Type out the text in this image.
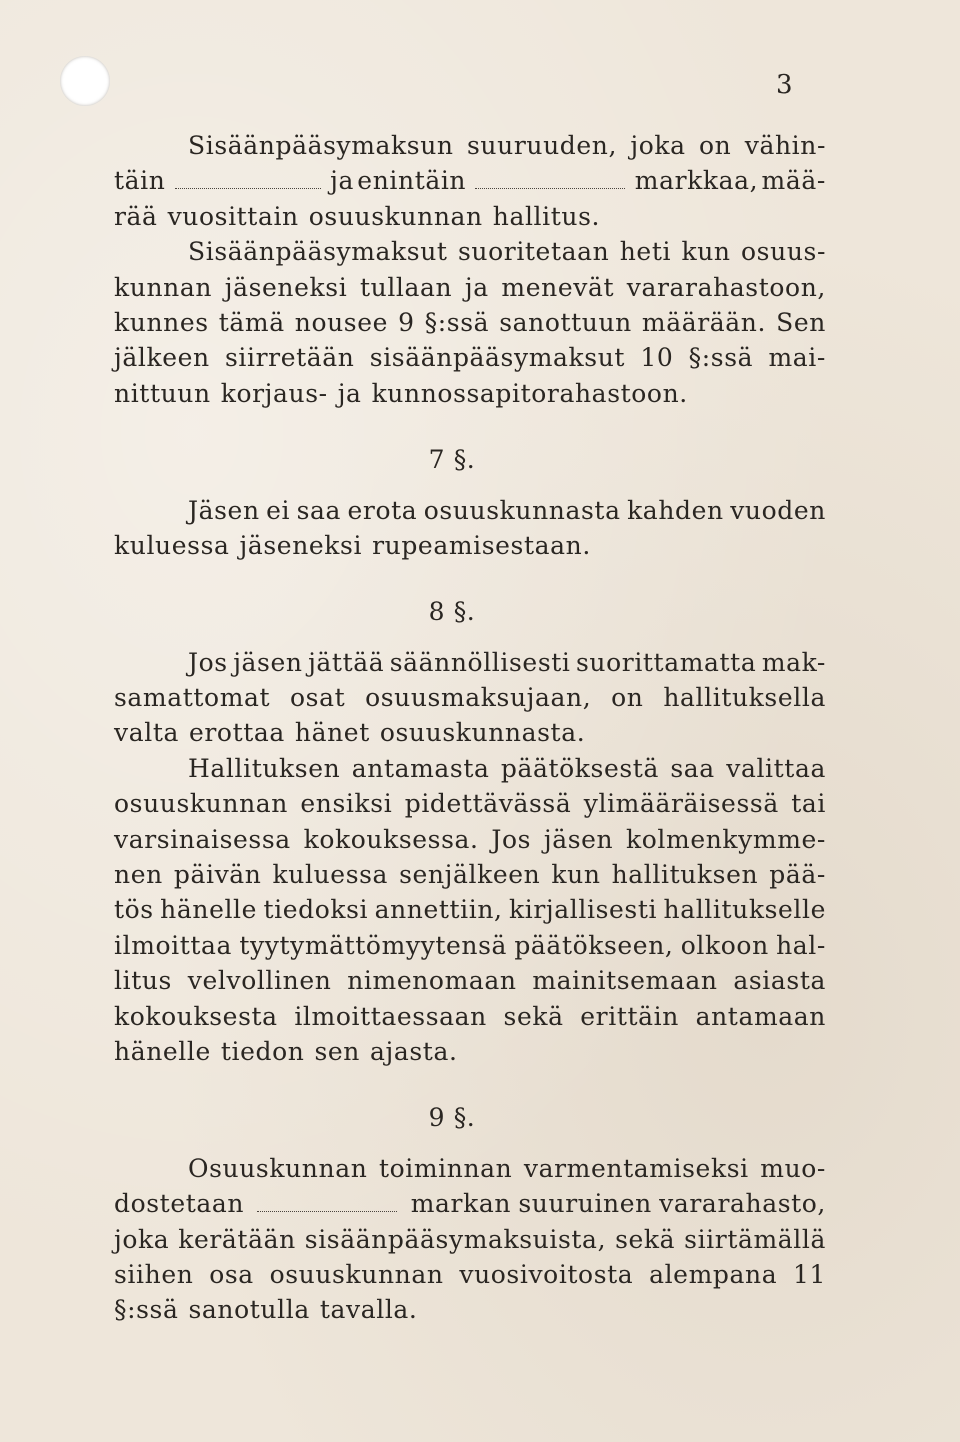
3
Sisäänpääsymaksun suuruuden, joka on vähin-
täin	ja enintäin	markkaa, mää-
rää vuosittain osuuskunnan hallitus.
Sisäänpääsymaksut suoritetaan heti kun osuus-
kunnan jäseneksi tullaan ja menevät vararahastoon,
kunnes tämä nousee 9 §:ssä sanottuun määrään. Sen
jälkeen siirretään sisäänpääsymaksut 10 §:ssä mai-
nittuun korjaus- ja kunnossapitorahastoon.
7 §.
Jäsen ei saa erota osuuskunnasta kahden vuoden
kuluessa jäseneksi rupeamisestaan.
8 §.
Jos jäsen jättää säännöllisesti suorittamatta mak-
samattomat osat osuusmaksujaan, on hallituksella
valta erottaa hänet osuuskunnasta.
Hallituksen antamasta päätöksestä saa valittaa
osuuskunnan ensiksi pidettävässä ylimääräisessä tai
varsinaisessa kokouksessa. Jos jäsen kolmenkymme-
nen päivän kuluessa senjälkeen kun hallituksen pää-
tös hänelle tiedoksi annettiin, kirjallisesti hallitukselle
ilmoittaa tyytymättömyytensä päätökseen, olkoon hal-
litus velvollinen nimenomaan mainitsemaan asiasta
kokouksesta ilmoittaessaan sekä erittäin antamaan
hänelle tiedon sen ajasta.
9 §.
Osuuskunnan toiminnan varmentamiseksi muo-
dostetaan	markan suuruinen vararahasto,
joka kerätään sisäänpääsymaksuista, sekä siirtämällä
siihen osa osuuskunnan vuosivoitosta alempana 11
§:ssä sanotulla tavalla.
